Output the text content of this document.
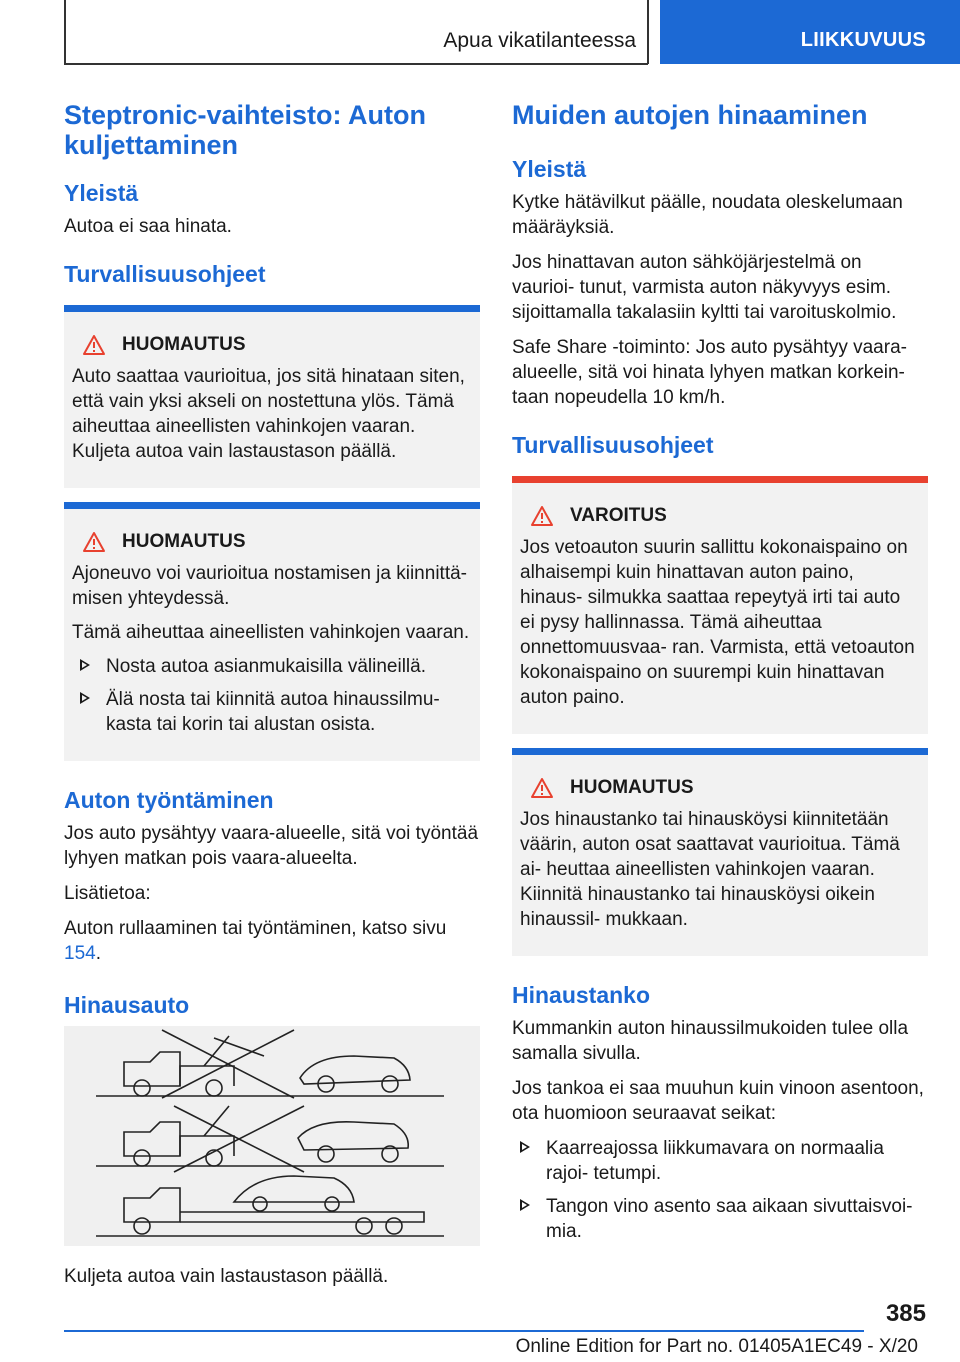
Apua vikatilanteessa	LIIKKUVUUS
Steptronic-vaihteisto: Auton kuljettaminen
Yleistä

Autoa ei saa hinata.

Turvallisuusohjeet
HUOMAUTUS

Auto saattaa vaurioitua, jos sitä hinataan siten, että vain yksi akseli on nostettuna ylös. Tämä aiheuttaa aineellisten vahinkojen vaaran. Kuljeta autoa vain lastaustason päällä.

HUOMAUTUS

Ajoneuvo voi vaurioitua nostamisen ja kiinnittä‐ misen yhteydessä.

Tämä aiheuttaa aineellisten vahinkojen vaaran.

Nosta autoa asianmukaisilla välineillä.
Älä nosta tai kiinnitä autoa hinaussilmu‐ kasta tai korin tai alustan osista.
Auton työntäminen

Jos auto pysähtyy vaara-alueelle, sitä voi työntää lyhyen matkan pois vaara-alueelta.

Lisätietoa:

Auton rullaaminen tai työntäminen, katso sivu 154.

Hinausauto

Kuljeta autoa vain lastaustason päällä.

Muiden autojen hinaaminen
Yleistä

Kytke hätävilkut päälle, noudata oleskelumaan määräyksiä.

Jos hinattavan auton sähköjärjestelmä on vaurioi‐ tunut, varmista auton näkyvyys esim. sijoittamalla takalasiin kyltti tai varoituskolmio.

Safe Share -toiminto: Jos auto pysähtyy vaara‐ alueelle, sitä voi hinata lyhyen matkan korkein‐ taan nopeudella 10 km/h.

Turvallisuusohjeet
VAROITUS

Jos vetoauton suurin sallittu kokonaispaino on alhaisempi kuin hinattavan auton paino, hinaus‐ silmukka saattaa repeytyä irti tai auto ei pysy hallinnassa. Tämä aiheuttaa onnettomuusvaa‐ ran. Varmista, että vetoauton kokonaispaino on suurempi kuin hinattavan auton paino.

HUOMAUTUS

Jos hinaustanko tai hinausköysi kiinnitetään väärin, auton osat saattavat vaurioitua. Tämä ai‐ heuttaa aineellisten vahinkojen vaaran. Kiinnitä hinaustanko tai hinausköysi oikein hinaussil‐ mukkaan.

Hinaustanko

Kummankin auton hinaussilmukoiden tulee olla samalla sivulla.

Jos tankoa ei saa muuhun kuin vinoon asentoon, ota huomioon seuraavat seikat:

Kaarreajossa liikkumavara on normaalia rajoi‐ tetumpi.
Tangon vino asento saa aikaan sivuttaisvoi‐ mia.
385
Online Edition for Part no. 01405A1EC49 - X/20
